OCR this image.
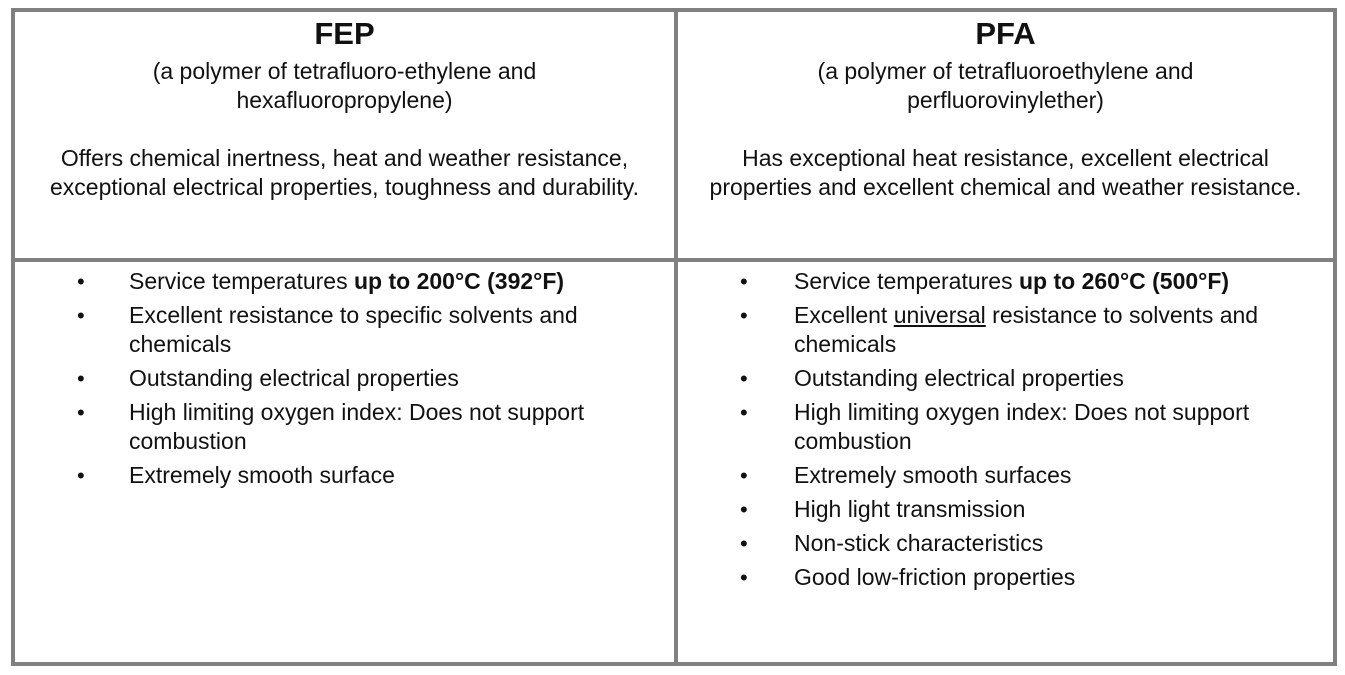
FEP

(a polymer of tetrafluoro-ethylene and hexafluoropropylene)

Offers chemical inertness, heat and weather resistance, exceptional electrical properties, toughness and durability.

PFA

(a polymer of tetrafluoroethylene and perfluorovinylether)

Has exceptional heat resistance, excellent electrical properties and excellent chemical and weather resistance.

• Service temperatures up to 200°C (392°F)
• Excellent resistance to specific solvents and chemicals
• Outstanding electrical properties
• High limiting oxygen index: Does not support combustion
• Extremely smooth surface
• Service temperatures up to 260°C (500°F)
• Excellent universal resistance to solvents and chemicals
• Outstanding electrical properties
• High limiting oxygen index: Does not support combustion
• Extremely smooth surfaces
• High light transmission
• Non-stick characteristics
• Good low-friction properties
